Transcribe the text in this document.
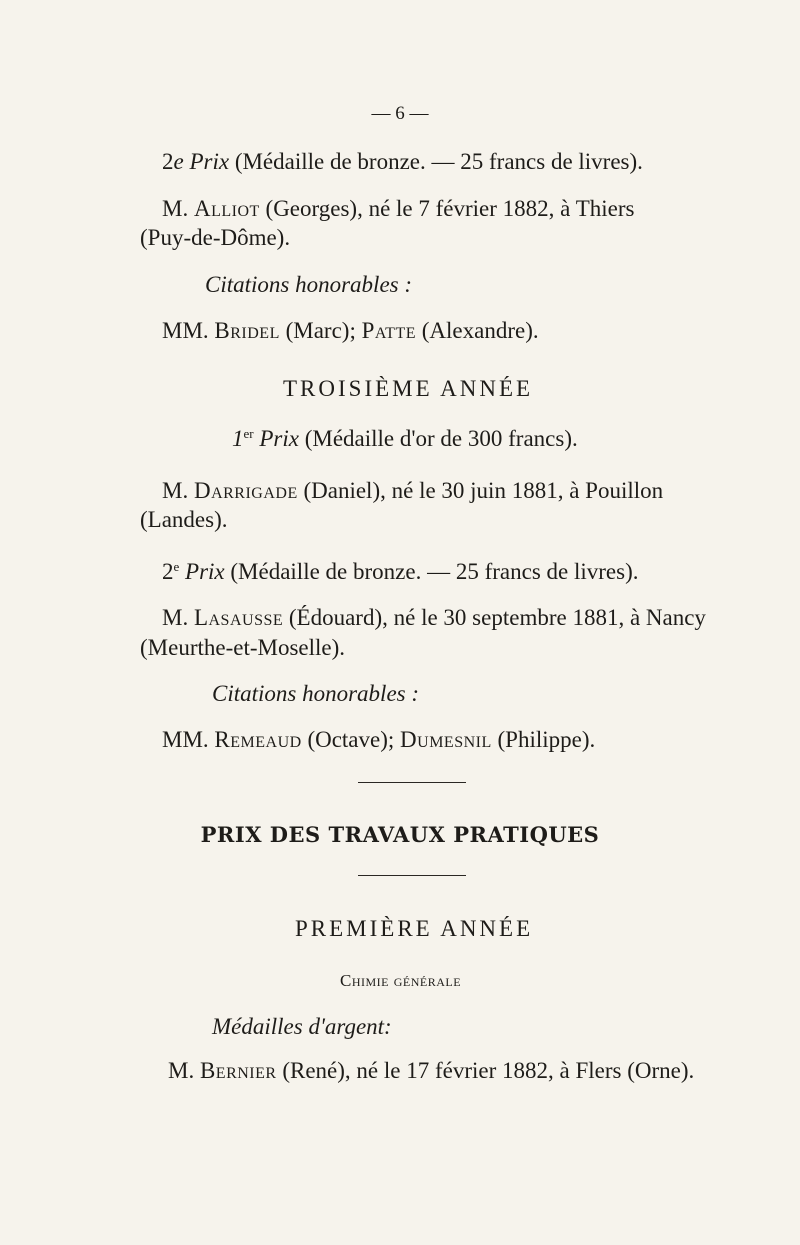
— 6 —
2e Prix (Médaille de bronze. — 25 francs de livres).
M. Alliot (Georges), né le 7 février 1882, à Thiers
(Puy-de-Dôme).
Citations honorables :
MM. Bridel (Marc); Patte (Alexandre).
TROISIÈME ANNÉE
1er Prix (Médaille d'or de 300 francs).
M. Darrigade (Daniel), né le 30 juin 1881, à Pouillon
(Landes).
2e Prix (Médaille de bronze. — 25 francs de livres).
M. Lasausse (Édouard), né le 30 septembre 1881, à Nancy
(Meurthe-et-Moselle).
Citations honorables :
MM. Remeaud (Octave); Dumesnil (Philippe).
PRIX DES TRAVAUX PRATIQUES
PREMIÈRE ANNÉE
Chimie générale
Médailles d'argent:
M. Bernier (René), né le 17 février 1882, à Flers (Orne).
